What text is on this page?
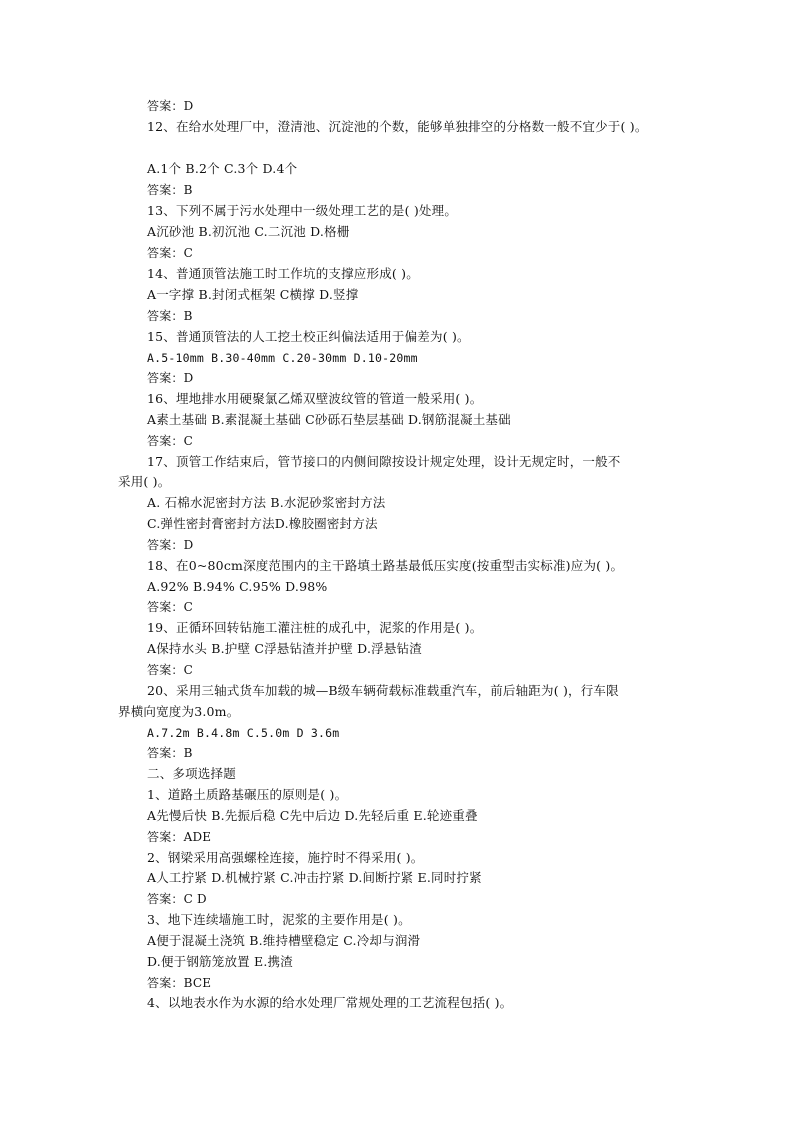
答案：D
12、在给水处理厂中，澄清池、沉淀池的个数，能够单独排空的分格数一般不宜少于( )。
A.1个 B.2个 C.3个 D.4个
答案：B
13、下列不属于污水处理中一级处理工艺的是( )处理。
A沉砂池 B.初沉池 C.二沉池 D.格栅
答案：C
14、普通顶管法施工时工作坑的支撑应形成( )。
A一字撑 B.封闭式框架 C横撑 D.竖撑
答案：B
15、普通顶管法的人工挖土校正纠偏法适用于偏差为( )。
A.5-10mm B.30-40mm C.20-30mm D.10-20mm
答案：D
16、埋地排水用硬聚氯乙烯双壁波纹管的管道一般采用( )。
A素土基础 B.素混凝土基础 C砂砾石垫层基础 D.钢筋混凝土基础
答案：C
17、顶管工作结束后，管节接口的内侧间隙按设计规定处理，设计无规定时，一般不
采用( )。
A. 石棉水泥密封方法 B.水泥砂浆密封方法
C.弹性密封膏密封方法D.橡胶圈密封方法
答案：D
18、在0~80cm深度范围内的主干路填土路基最低压实度(按重型击实标准)应为( )。
A.92% B.94% C.95% D.98%
答案：C
19、正循环回转钻施工灌注桩的成孔中，泥浆的作用是( )。
A保持水头 B.护壁 C浮悬钻渣并护壁 D.浮悬钻渣
答案：C
20、采用三轴式货车加载的城—B级车辆荷载标准载重汽车，前后轴距为( )，行车限
界横向宽度为3.0m。
A.7.2m B.4.8m C.5.0m D 3.6m
答案：B
二、多项选择题
1、道路土质路基碾压的原则是( )。
A先慢后快 B.先振后稳 C先中后边 D.先轻后重 E.轮迹重叠
答案：ADE
2、钢梁采用高强螺栓连接，施拧时不得采用( )。
A人工拧紧 D.机械拧紧 C.冲击拧紧 D.间断拧紧 E.同时拧紧
答案：C D
3、地下连续墙施工时，泥浆的主要作用是( )。
A便于混凝土浇筑 B.维持槽壁稳定 C.冷却与润滑
D.便于钢筋笼放置 E.携渣
答案：BCE
4、以地表水作为水源的给水处理厂常规处理的工艺流程包括( )。
